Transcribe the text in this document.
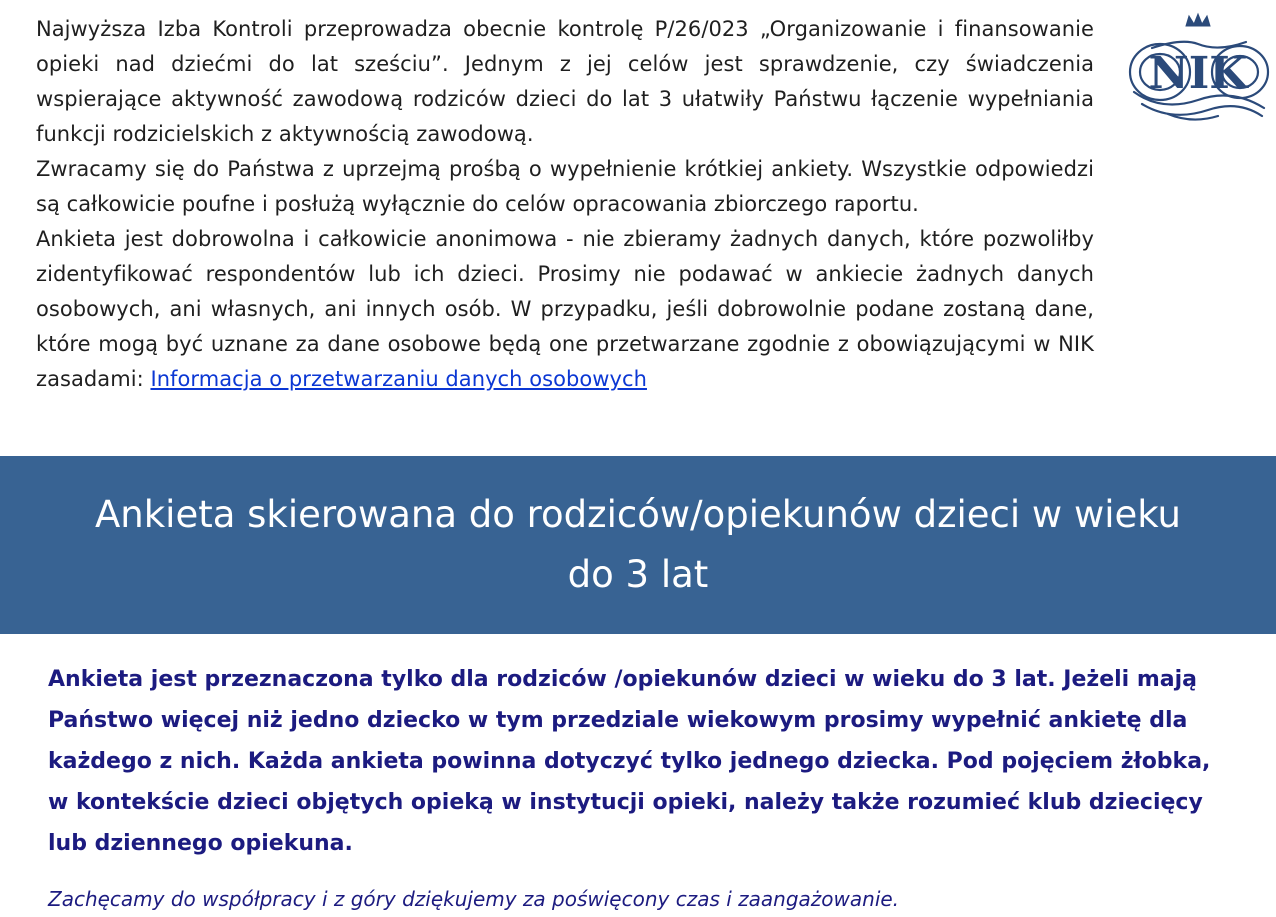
Najwyższa Izba Kontroli przeprowadza obecnie kontrolę P/26/023 „Organizowanie i finansowanie opieki nad dziećmi do lat sześciu”. Jednym z jej celów jest sprawdzenie, czy świadczenia wspierające aktywność zawodową rodziców dzieci do lat 3 ułatwiły Państwu łączenie wypełniania funkcji rodzicielskich z aktywnością zawodową.

Zwracamy się do Państwa z uprzejmą prośbą o wypełnienie krótkiej ankiety. Wszystkie odpowiedzi są całkowicie poufne i posłużą wyłącznie do celów opracowania zbiorczego raportu.

Ankieta jest dobrowolna i całkowicie anonimowa - nie zbieramy żadnych danych, które pozwoliłby zidentyfikować respondentów lub ich dzieci. Prosimy nie podawać w ankiecie żadnych danych osobowych, ani własnych, ani innych osób. W przypadku, jeśli dobrowolnie podane zostaną dane, które mogą być uznane za dane osobowe będą one przetwarzane zgodnie z obowiązującymi w NIK zasadami: Informacja o przetwarzaniu danych osobowych

NIK
Ankieta skierowana do rodziców/opiekunów dzieci w wieku do 3 lat

Ankieta jest przeznaczona tylko dla rodziców /opiekunów dzieci w wieku do 3 lat. Jeżeli mają Państwo więcej niż jedno dziecko w tym przedziale wiekowym prosimy wypełnić ankietę dla każdego z nich. Każda ankieta powinna dotyczyć tylko jednego dziecka. Pod pojęciem żłobka, w kontekście dzieci objętych opieką w instytucji opieki, należy także rozumieć klub dziecięcy lub dziennego opiekuna.

Zachęcamy do współpracy i z góry dziękujemy za poświęcony czas i zaangażowanie.
